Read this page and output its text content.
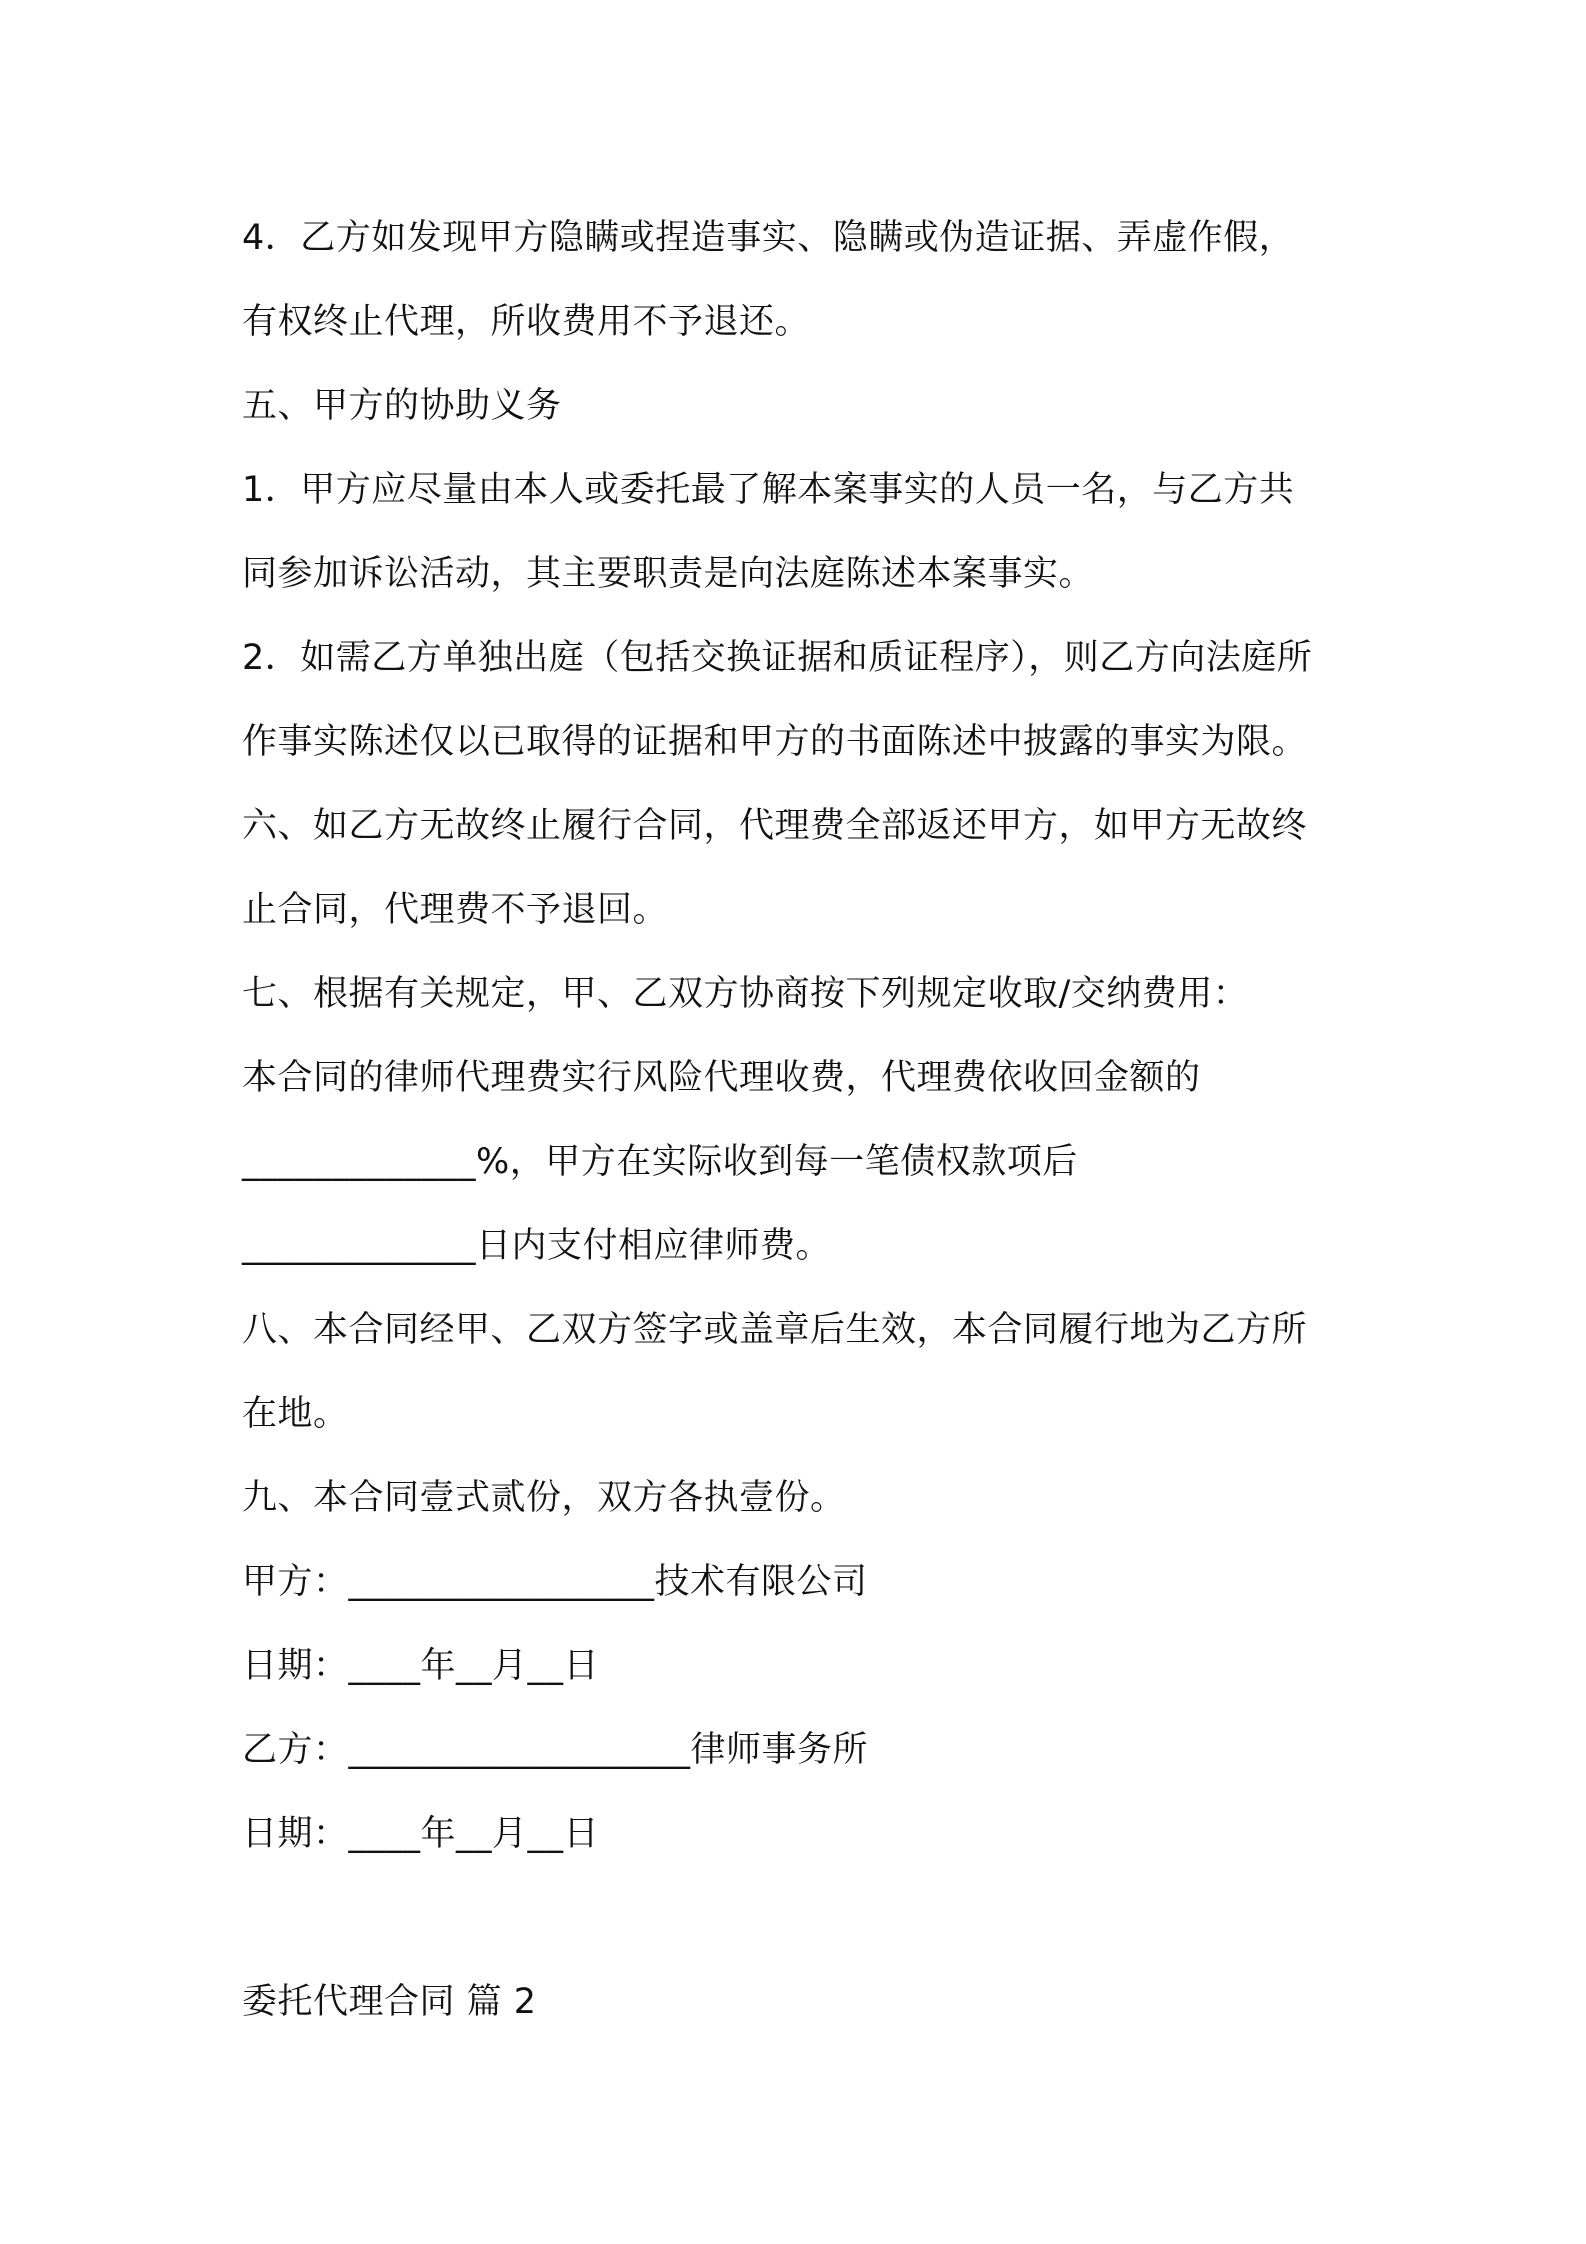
4．乙方如发现甲方隐瞒或捏造事实、隐瞒或伪造证据、弄虚作假，
有权终止代理，所收费用不予退还。
五、甲方的协助义务
1．甲方应尽量由本人或委托最了解本案事实的人员一名，与乙方共
同参加诉讼活动，其主要职责是向法庭陈述本案事实。
2．如需乙方单独出庭（包括交换证据和质证程序），则乙方向法庭所
作事实陈述仅以已取得的证据和甲方的书面陈述中披露的事实为限。
六、如乙方无故终止履行合同，代理费全部返还甲方，如甲方无故终
止合同，代理费不予退回。
七、根据有关规定，甲、乙双方协商按下列规定收取/交纳费用：
本合同的律师代理费实行风险代理收费，代理费依收回金额的
_____________%，甲方在实际收到每一笔债权款项后
_____________日内支付相应律师费。
八、本合同经甲、乙双方签字或盖章后生效，本合同履行地为乙方所
在地。
九、本合同壹式贰份，双方各执壹份。
甲方：_________________技术有限公司
日期：____年__月__日
乙方：___________________律师事务所
日期：____年__月__日
委托代理合同 篇 2
